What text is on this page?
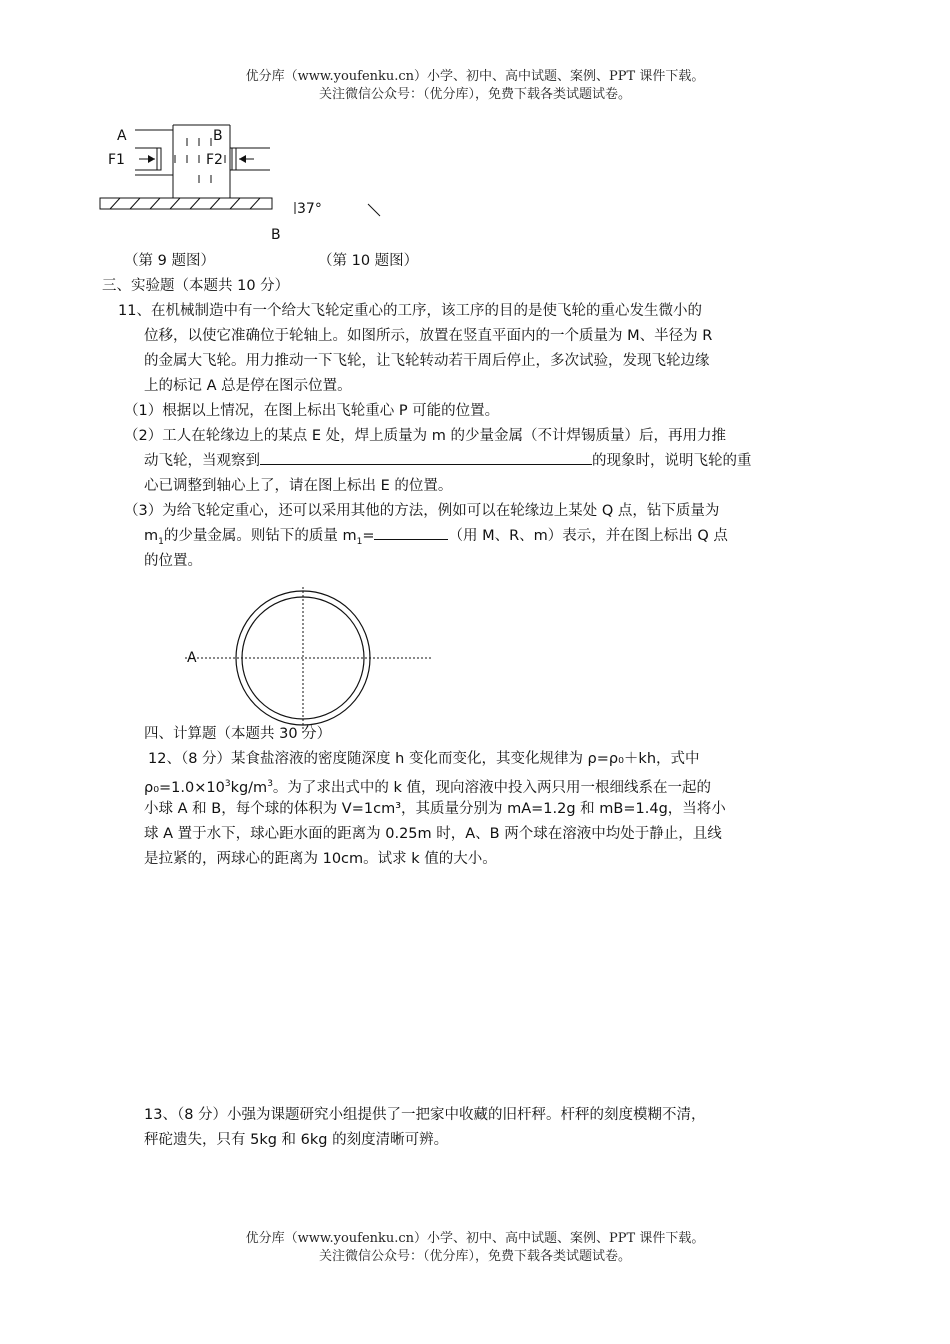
优分库（www.youfenku.cn）小学、初中、高中试题、案例、PPT 课件下载。
关注微信公众号：（优分库），免费下载各类试题试卷。
A	B
F1	F2
37°
B
（第 9 题图）	（第 10 题图）
三、实验题（本题共 10 分）
11、在机械制造中有一个给大飞轮定重心的工序，该工序的目的是使飞轮的重心发生微小的
位移，以使它准确位于轮轴上。如图所示，放置在竖直平面内的一个质量为 M、半径为 R
的金属大飞轮。用力推动一下飞轮，让飞轮转动若干周后停止，多次试验，发现飞轮边缘
上的标记 A 总是停在图示位置。
（1）根据以上情况，在图上标出飞轮重心 P 可能的位置。
（2）工人在轮缘边上的某点 E 处，焊上质量为 m 的少量金属（不计焊锡质量）后，再用力推
动飞轮，当观察到	的现象时，说明飞轮的重
心已调整到轴心上了，请在图上标出 E 的位置。
（3）为给飞轮定重心，还可以采用其他的方法，例如可以在轮缘边上某处 Q 点，钻下质量为
$m_1$的少量金属。则钻下的质量 $m_1=$	（用 M、R、m）表示，并在图上标出 Q 点
的位置。
A
四、计算题（本题共 30 分）
12、（8 分）某食盐溶液的密度随深度 h 变化而变化，其变化规律为 ρ=ρ₀＋kh，式中
$\rho_0=1.0\times 10^3kg/m^3$。为了求出式中的 k 值，现向溶液中投入两只用一根细线系在一起的
小球 A 和 B，每个球的体积为 V=1cm³，其质量分别为 mA=1.2g 和 mB=1.4g，当将小
球 A 置于水下，球心距水面的距离为 0.25m 时，A、B 两个球在溶液中均处于静止，且线
是拉紧的，两球心的距离为 10cm。试求 k 值的大小。
13、（8 分）小强为课题研究小组提供了一把家中收藏的旧杆秤。杆秤的刻度模糊不清，
秤砣遗失，只有 5kg 和 6kg 的刻度清晰可辨。
优分库（www.youfenku.cn）小学、初中、高中试题、案例、PPT 课件下载。
关注微信公众号：（优分库），免费下载各类试题试卷。
